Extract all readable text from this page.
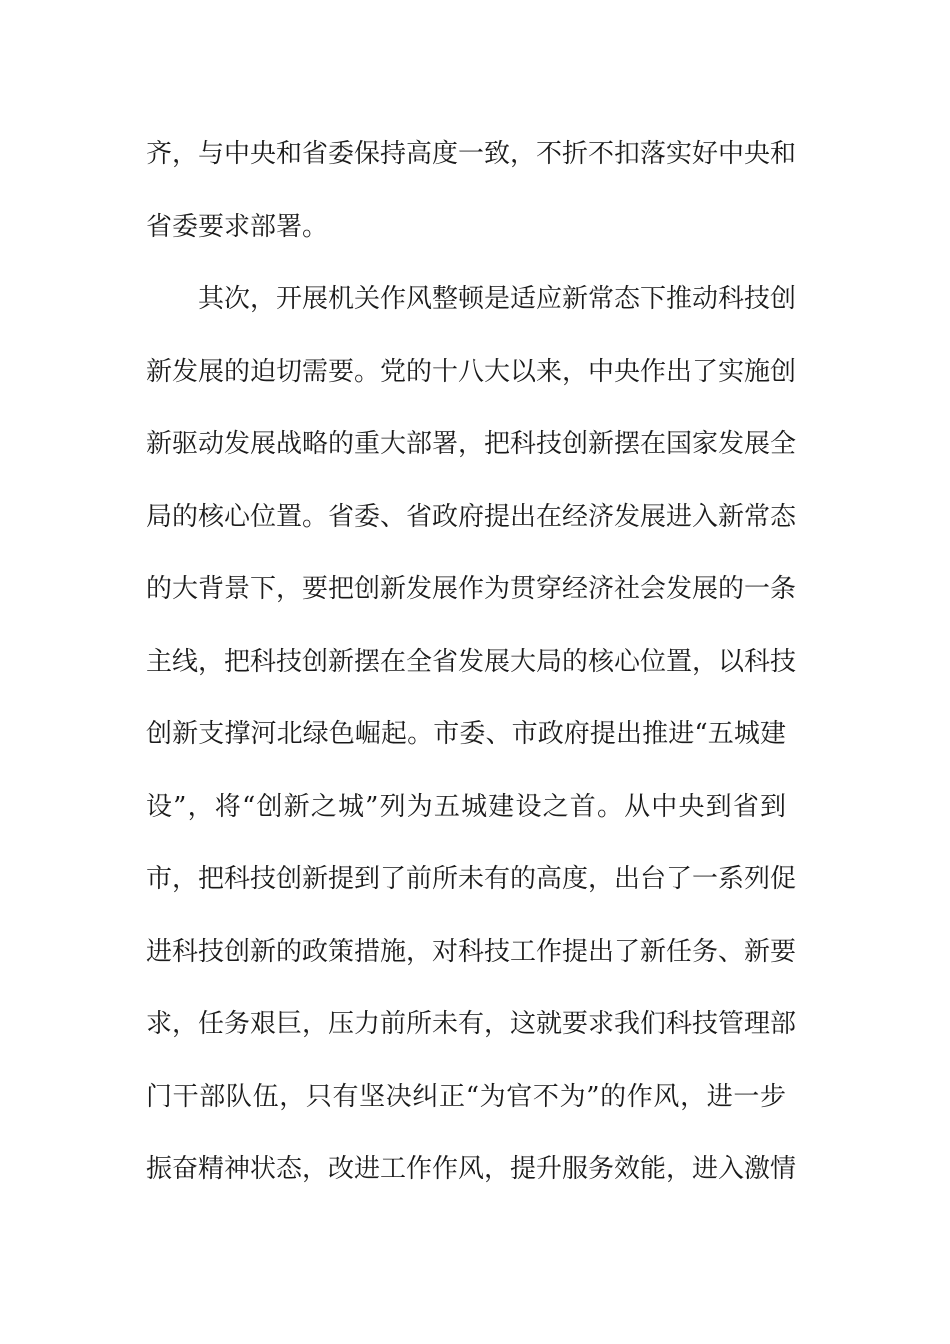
齐，与中央和省委保持高度一致，不折不扣落实好中央和
省委要求部署。
其次，开展机关作风整顿是适应新常态下推动科技创
新发展的迫切需要。党的十八大以来，中央作出了实施创
新驱动发展战略的重大部署，把科技创新摆在国家发展全
局的核心位置。省委、省政府提出在经济发展进入新常态
的大背景下，要把创新发展作为贯穿经济社会发展的一条
主线，把科技创新摆在全省发展大局的核心位置，以科技
创新支撑河北绿色崛起。市委、市政府提出推进“五城建
设”，将“创新之城”列为五城建设之首。从中央到省到
市，把科技创新提到了前所未有的高度，出台了一系列促
进科技创新的政策措施，对科技工作提出了新任务、新要
求，任务艰巨，压力前所未有，这就要求我们科技管理部
门干部队伍，只有坚决纠正“为官不为”的作风，进一步
振奋精神状态，改进工作作风，提升服务效能，进入激情
